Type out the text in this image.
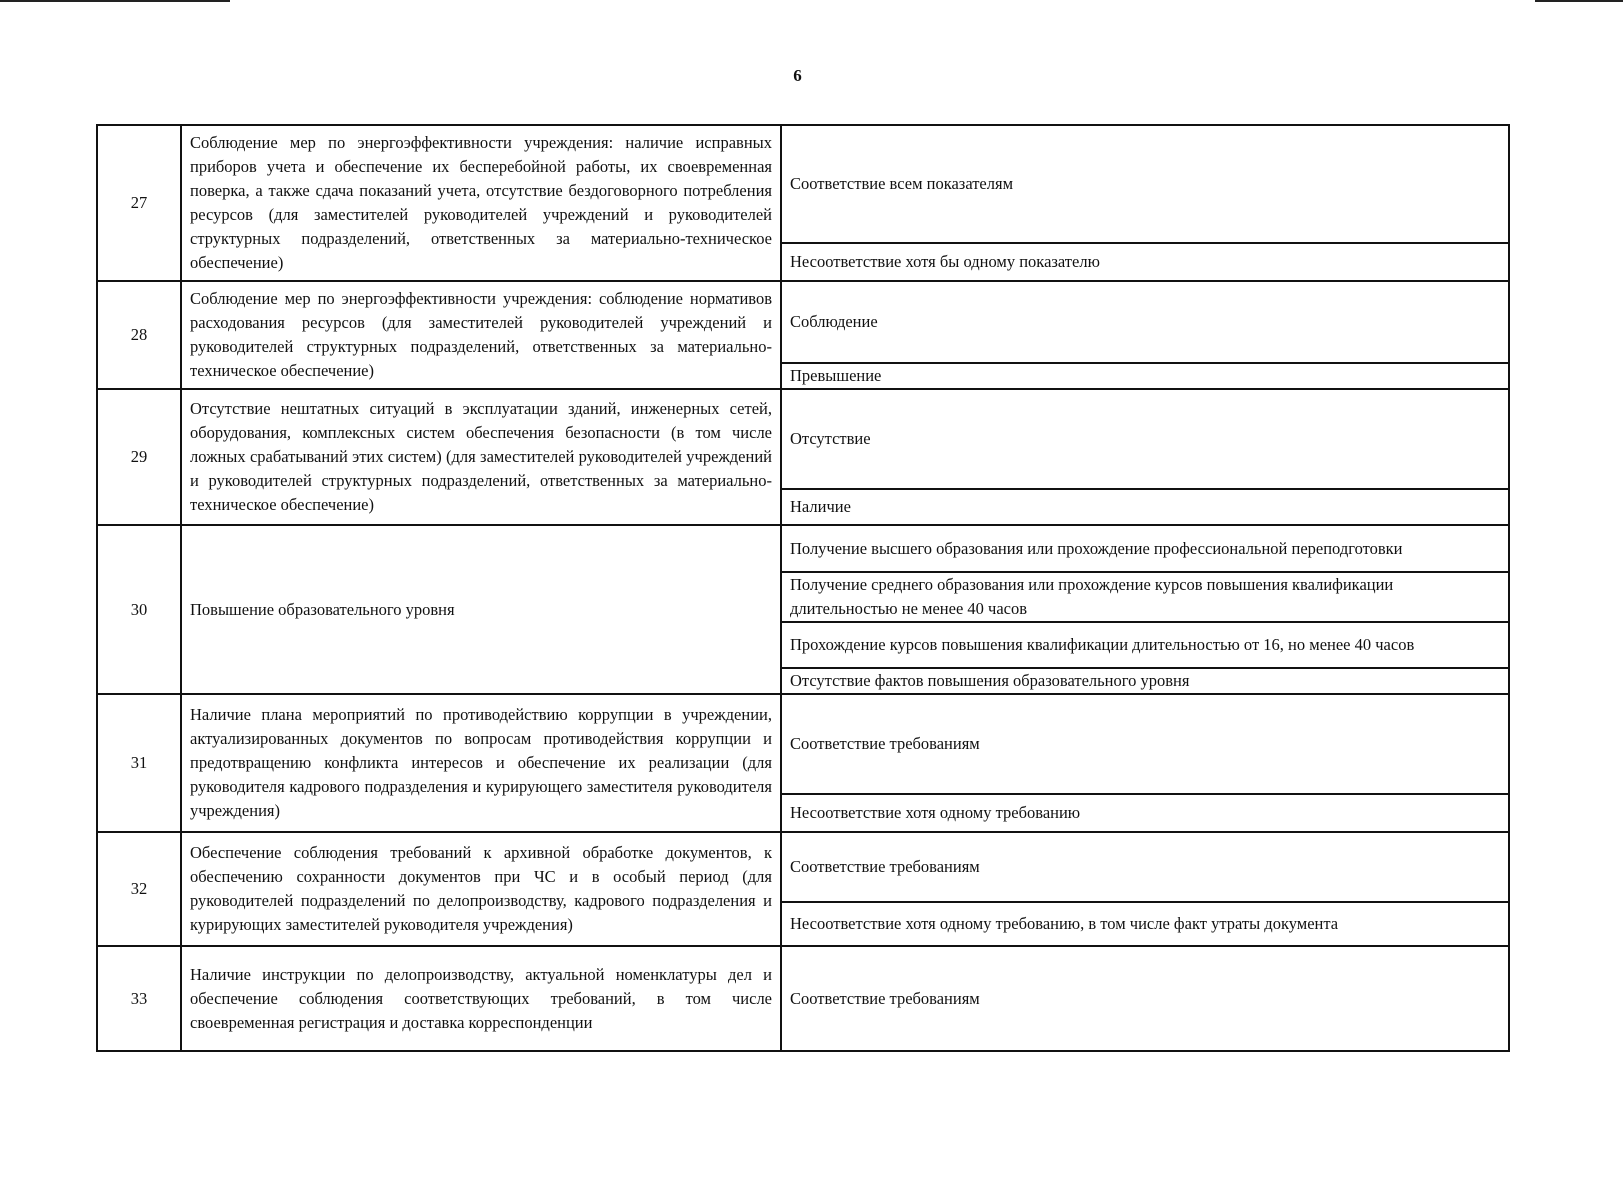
6
27	Соблюдение мер по энергоэффективности учреждения: наличие исправных приборов учета и обеспечение их бесперебойной работы, их своевременная поверка, а также сдача показаний учета, отсутствие бездоговорного потребления ресурсов (для заместителей руководителей учреждений и руководителей структурных подразделений, ответственных за материально-техническое обеспечение)	Соответствие всем показателям
		Несоответствие хотя бы одному показателю
28	Соблюдение мер по энергоэффективности учреждения: соблюдение нормативов расходования ресурсов (для заместителей руководителей учреждений и руководителей структурных подразделений, ответственных за материально-техническое обеспечение)	Соблюдение
		Превышение
29	Отсутствие нештатных ситуаций в эксплуатации зданий, инженерных сетей, оборудования, комплексных систем обеспечения безопасности (в том числе ложных срабатываний этих систем) (для заместителей руководителей учреждений и руководителей структурных подразделений, ответственных за материально-техническое обеспечение)	Отсутствие
		Наличие
30	Повышение образовательного уровня	Получение высшего образования или прохождение профессиональной переподготовки
		Получение среднего образования или прохождение курсов повышения квалификации длительностью не менее 40 часов
		Прохождение курсов повышения квалификации длительностью от 16, но менее 40 часов
		Отсутствие фактов повышения образовательного уровня
31	Наличие плана мероприятий по противодействию коррупции в учреждении, актуализированных документов по вопросам противодействия коррупции и предотвращению конфликта интересов и обеспечение их реализации (для руководителя кадрового подразделения и курирующего заместителя руководителя учреждения)	Соответствие требованиям
		Несоответствие хотя одному требованию
32	Обеспечение соблюдения требований к архивной обработке документов, к обеспечению сохранности документов при ЧС и в особый период (для руководителей подразделений по делопроизводству, кадрового подразделения и курирующих заместителей руководителя учреждения)	Соответствие требованиям
		Несоответствие хотя одному требованию, в том числе факт утраты документа
33	Наличие инструкции по делопроизводству, актуальной номенклатуры дел и обеспечение соблюдения соответствующих требований, в том числе своевременная регистрация и доставка корреспонденции	Соответствие требованиям
